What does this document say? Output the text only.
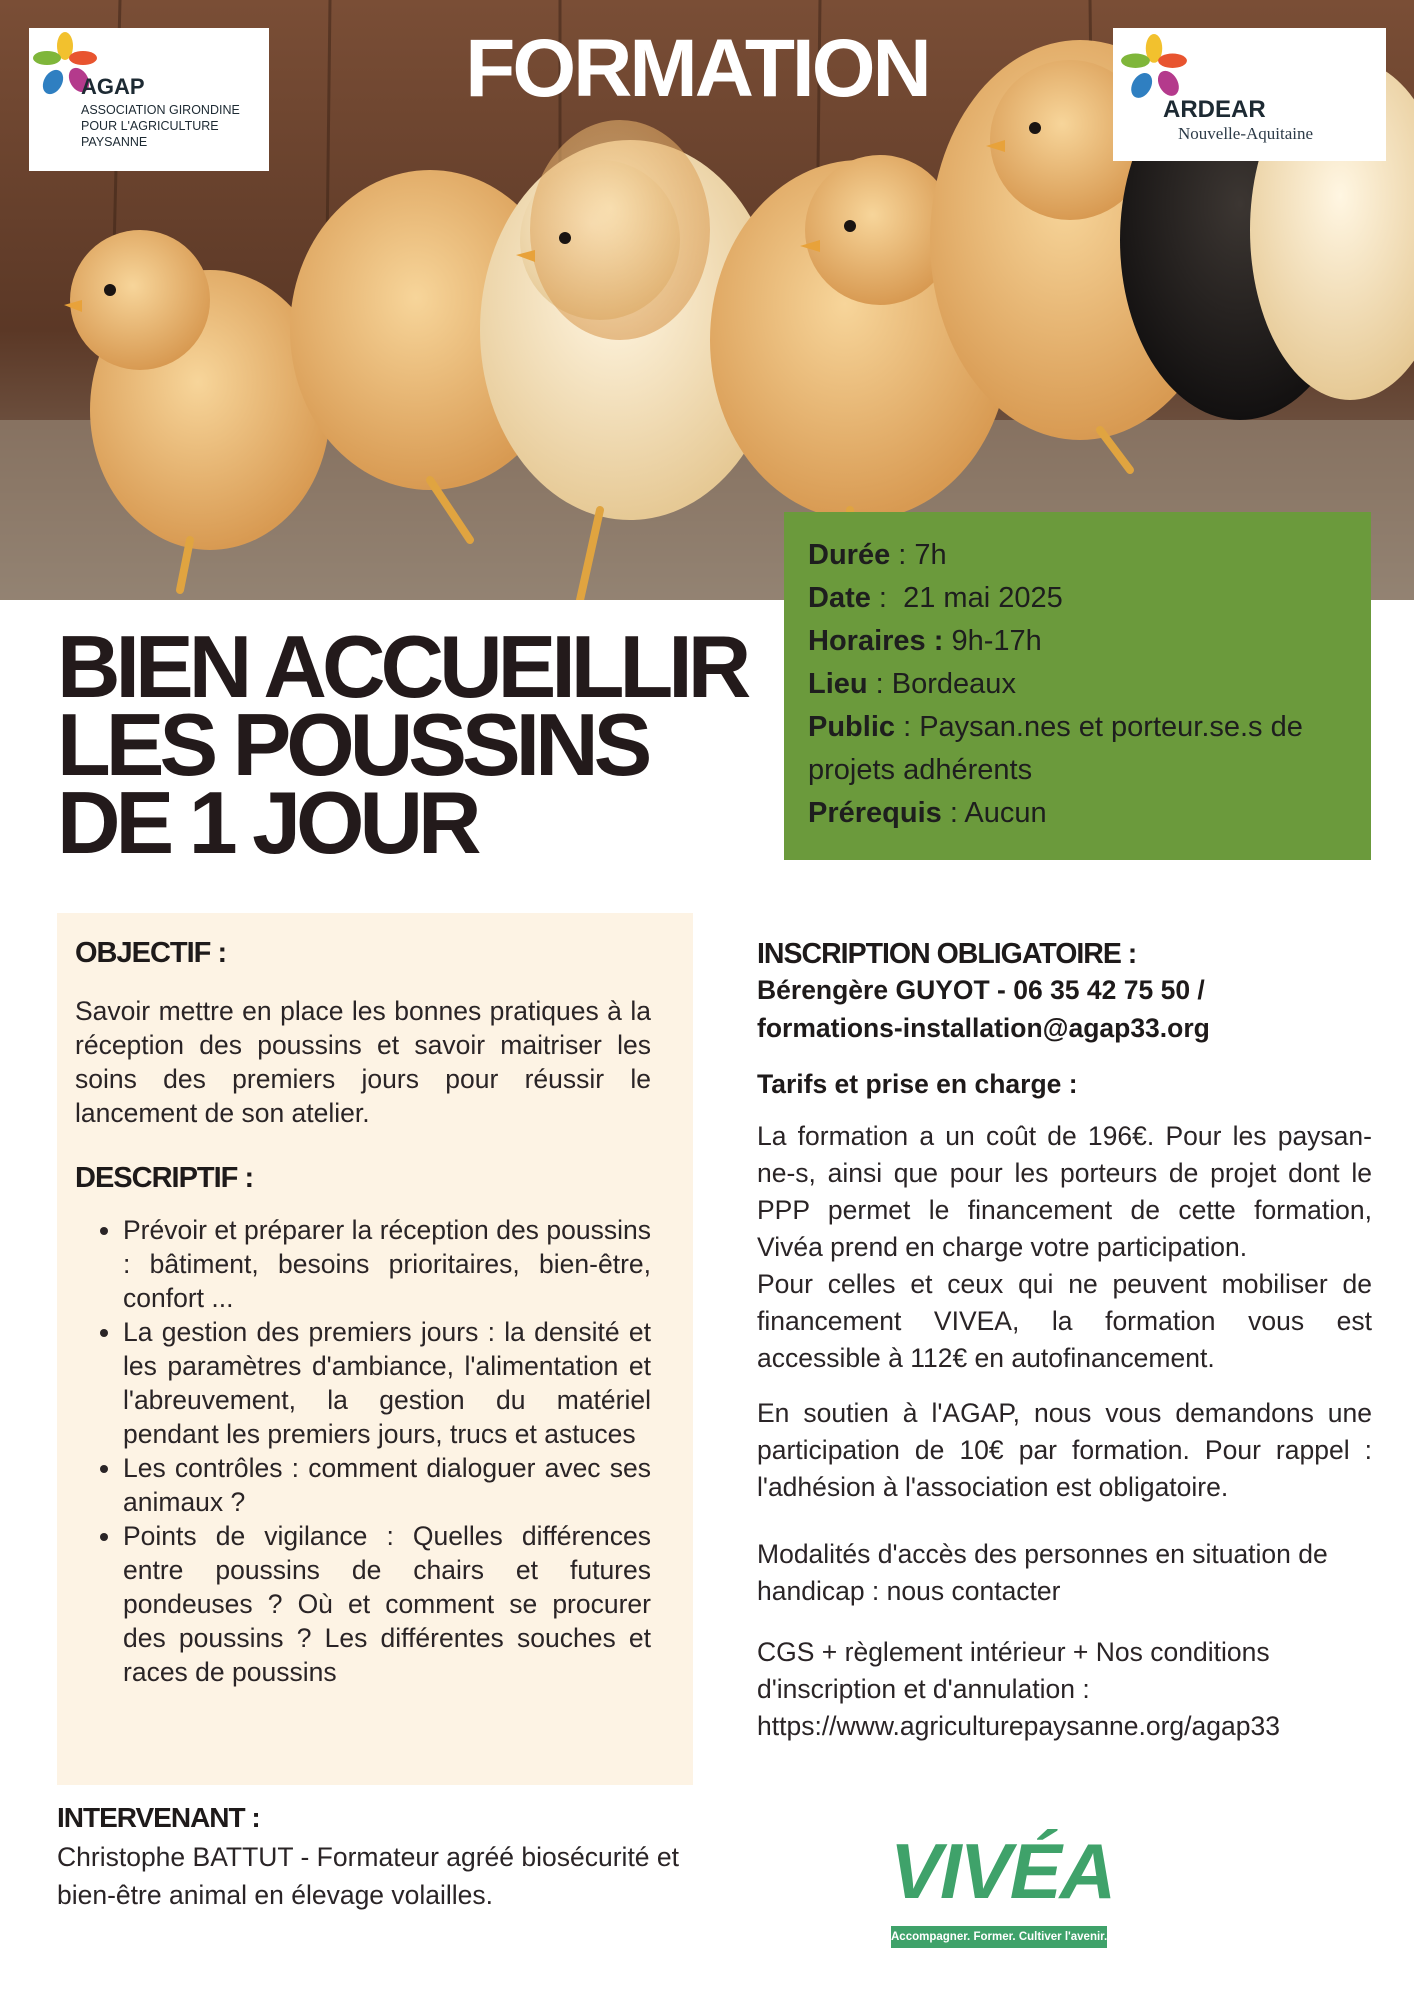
AGAP
ASSOCIATION GIRONDINE
POUR L'AGRICULTURE
PAYSANNE
FORMATION	ARDEAR
Nouvelle-Aquitaine
Durée : 7h
Date :  21 mai 2025
Horaires : 9h-17h
Lieu : Bordeaux
Public : Paysan.nes et porteur.se.s de projets adhérents
Prérequis : Aucun
BIEN ACCUEILLIR
LES POUSSINS
DE 1 JOUR
OBJECTIF :
Savoir mettre en place les bonnes pratiques à la réception des poussins et savoir maitriser les soins des premiers jours pour réussir le lancement de son atelier.
DESCRIPTIF :
• Prévoir et préparer la réception des poussins : bâtiment, besoins prioritaires, bien-être, confort ...
• La gestion des premiers jours : la densité et les paramètres d'ambiance, l'alimentation et l'abreuvement, la gestion du matériel pendant les premiers jours, trucs et astuces
• Les contrôles : comment dialoguer avec ses animaux ?
• Points de vigilance : Quelles différences entre poussins de chairs et futures pondeuses ? Où et comment se procurer des poussins ? Les différentes souches et races de poussins
INTERVENANT :
Christophe BATTUT - Formateur agréé biosécurité et bien-être animal en élevage volailles.
INSCRIPTION OBLIGATOIRE :
Bérengère GUYOT - 06 35 42 75 50 /
formations-installation@agap33.org
Tarifs et prise en charge :
La formation a un coût de 196€. Pour les paysan-ne-s, ainsi que pour les porteurs de projet dont le PPP permet le financement de cette formation, Vivéa prend en charge votre participation.
Pour celles et ceux qui ne peuvent mobiliser de financement VIVEA, la formation vous est accessible à 112€ en autofinancement.
En soutien à l'AGAP, nous vous demandons une participation de 10€ par formation. Pour rappel : l'adhésion à l'association est obligatoire.
Modalités d'accès des personnes en situation de handicap : nous contacter
CGS + règlement intérieur + Nos conditions d'inscription et d'annulation :
https://www.agriculturepaysanne.org/agap33
VIVÉA
Accompagner. Former. Cultiver l'avenir.
